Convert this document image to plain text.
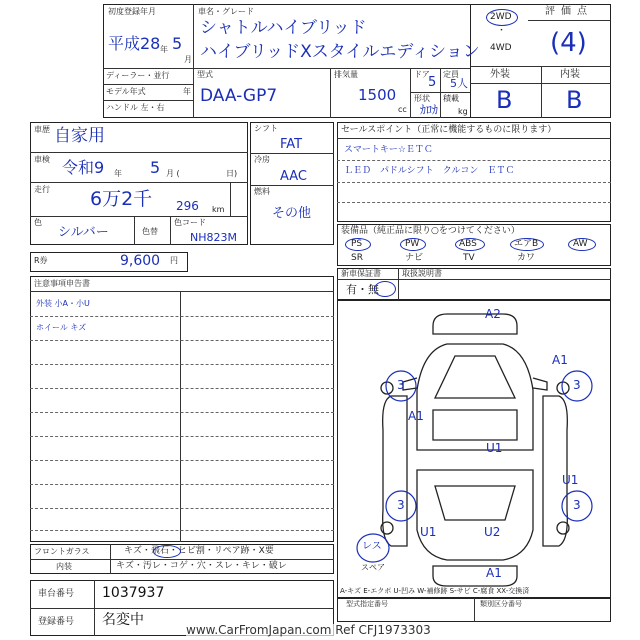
初度登録年月
平成 28 年 5
月
車名・グレード
シャトルハイブリッド
ハイブリッドXスタイルエディション
2WD
・
4WD
評価点
(4)
ディーラー・並行
モデル年式	年
ハンドル 左・右
型式
DAA-GP7
排気量
1500
cc
ドア
5
定員
5人
形状
ｶﾛｶ
積載
kg
外装	内装
B B
車歴 自家用
車検 令和9 年 5 月 (	日)
走行 6万2千 296 km
色
シルバー	色替
色コード
NH823M
シフト
FAT
冷房
AAC
燃料
その他
R券	9,600 円
セールスポイント（正常に機能するものに限ります）
スマートキー☆ＥＴＣ
ＬＥＤ　パドルシフト　クルコン　ＥＴＣ
装備品（純正品に限り○をつけてください）
PS	PW	ABS	エアB	AW
SR	ナビ	TV	カワ
新車保証書
有・無
取扱説明書
注意事項申告書
外装 小A・小U
ホイール キズ
A2
A1
3	3
A1
U1
U1
3	3
U1	U2
A1
レス
スペア
A-キズ E-エクボ U-凹み W-補修跡 S-サビ C-腐食 XX-交換済
フロントガラス	キズ・飛石・ヒビ割・リペア跡・X要
内装	キズ・汚レ・コゲ・穴・スレ・キレ・破レ
車台番号 1037937
登録番号 名変中
型式指定番号	類別区分番号
www.CarFromJapan.com Ref CFJ1973303
